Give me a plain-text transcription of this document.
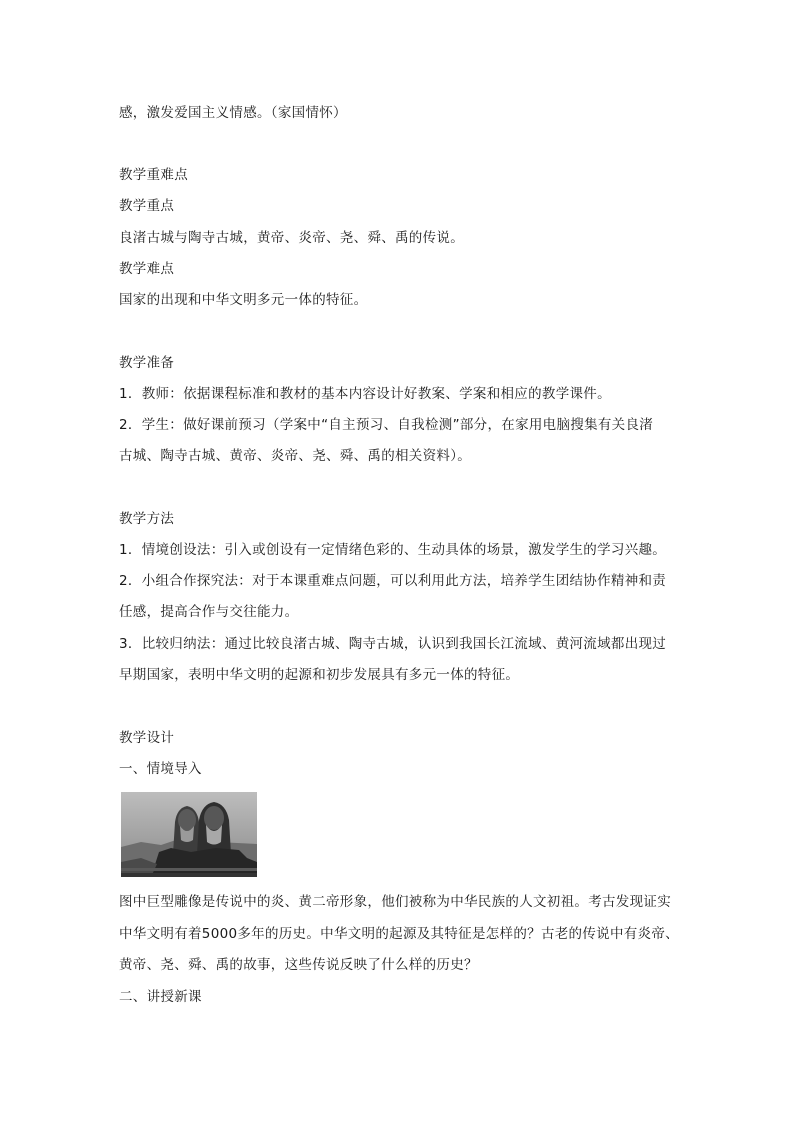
感，激发爱国主义情感。（家国情怀）
教学重难点
教学重点
良渚古城与陶寺古城，黄帝、炎帝、尧、舜、禹的传说。
教学难点
国家的出现和中华文明多元一体的特征。
教学准备
1．教师：依据课程标准和教材的基本内容设计好教案、学案和相应的教学课件。
2．学生：做好课前预习（学案中“自主预习、自我检测”部分，在家用电脑搜集有关良渚
古城、陶寺古城、黄帝、炎帝、尧、舜、禹的相关资料）。
教学方法
1．情境创设法：引入或创设有一定情绪色彩的、生动具体的场景，激发学生的学习兴趣。
2．小组合作探究法：对于本课重难点问题，可以利用此方法，培养学生团结协作精神和责
任感，提高合作与交往能力。
3．比较归纳法：通过比较良渚古城、陶寺古城，认识到我国长江流域、黄河流域都出现过
早期国家，表明中华文明的起源和初步发展具有多元一体的特征。
教学设计
一、情境导入
图中巨型雕像是传说中的炎、黄二帝形象，他们被称为中华民族的人文初祖。考古发现证实
中华文明有着5000多年的历史。中华文明的起源及其特征是怎样的？古老的传说中有炎帝、
黄帝、尧、舜、禹的故事，这些传说反映了什么样的历史？
二、讲授新课
